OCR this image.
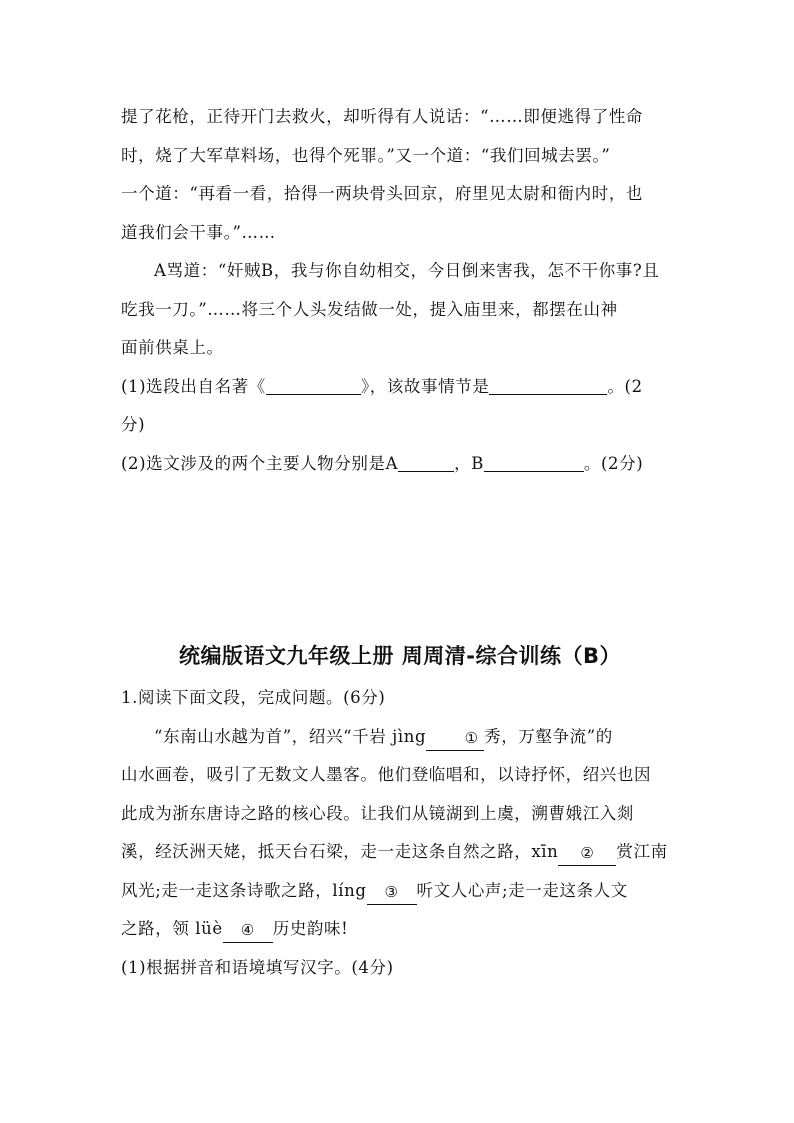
提了花枪，正待开门去救火，却听得有人说话：“……即便逃得了性命

时，烧了大军草料场，也得个死罪。”又一个道：“我们回城去罢。”

一个道：“再看一看，拾得一两块骨头回京，府里见太尉和衙内时，也

道我们会干事。”……

A骂道：“奸贼B，我与你自幼相交，今日倒来害我，怎不干你事?且

吃我一刀。”……将三个人头发结做一处，提入庙里来，都摆在山神

面前供桌上。

(1)选段出自名著《	》，该故事情节是	。(2

分)

(2)选文涉及的两个主要人物分别是A	，B	。(2分)

统编版语文九年级上册 周周清-综合训练（B）

1.阅读下面文段，完成问题。(6分)

“东南山水越为首”，绍兴“千岩 jìng	① 秀，万壑争流”的

山水画卷，吸引了无数文人墨客。他们登临唱和，以诗抒怀，绍兴也因

此成为浙东唐诗之路的核心段。让我们从镜湖到上虞，溯曹娥江入剡

溪，经沃洲天姥，抵天台石梁，走一走这条自然之路，xīn ② 赏江南

风光;走一走这条诗歌之路，líng ③ 听文人心声;走一走这条人文

之路，领 lüè ④ 历史韵味!

(1)根据拼音和语境填写汉字。(4分)
